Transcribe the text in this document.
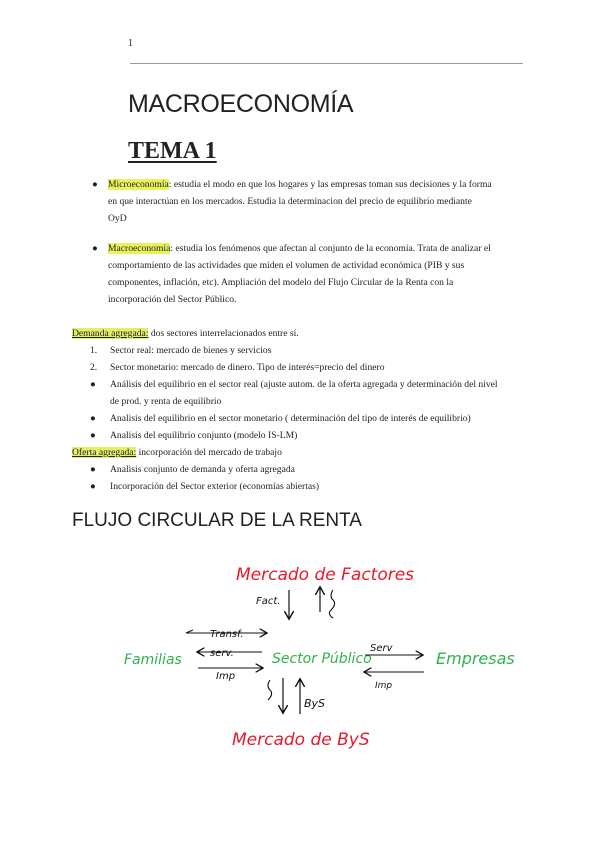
1
MACROECONOMÍA
TEMA 1
●	Microeconomía: estudia el modo en que los hogares y las empresas toman sus decisiones y la forma
en que interactúan en los mercados. Estudia la determinacion del precio de equilibrio mediante
OyD
●	Macroeconomía: estudia los fenómenos que afectan al conjunto de la economía. Trata de analizar el
comportamiento de las actividades que miden el volumen de actividad económica (PIB y sus
componentes, inflación, etc). Ampliación del modelo del Flujo Circular de la Renta con la
incorporación del Sector Público.
Demanda agregada: dos sectores interrelacionados entre sí.
1. Sector real: mercado de bienes y servicios
2. Sector monetario: mercado de dinero. Tipo de interés=precio del dinero
● Análisis del equilibrio en el sector real (ajuste autom. de la oferta agregada y determinación del nivel
de prod. y renta de equilibrio
● Analisis del equilibrio en el sector monetario ( determinación del tipo de interés de equilibrio)
● Analisis del equilibrio conjunto (modelo IS-LM)
Oferta agregada: incorporación del mercado de trabajo
● Analisis conjunto de demanda y oferta agregada
● Incorporación del Sector exterior (economías abiertas)
FLUJO CIRCULAR DE LA RENTA
Mercado de Factores
Mercado de ByS
Sector Público
Familias	Empresas
Fact.
Transf.
serv.
Imp
Serv
Imp
ByS
